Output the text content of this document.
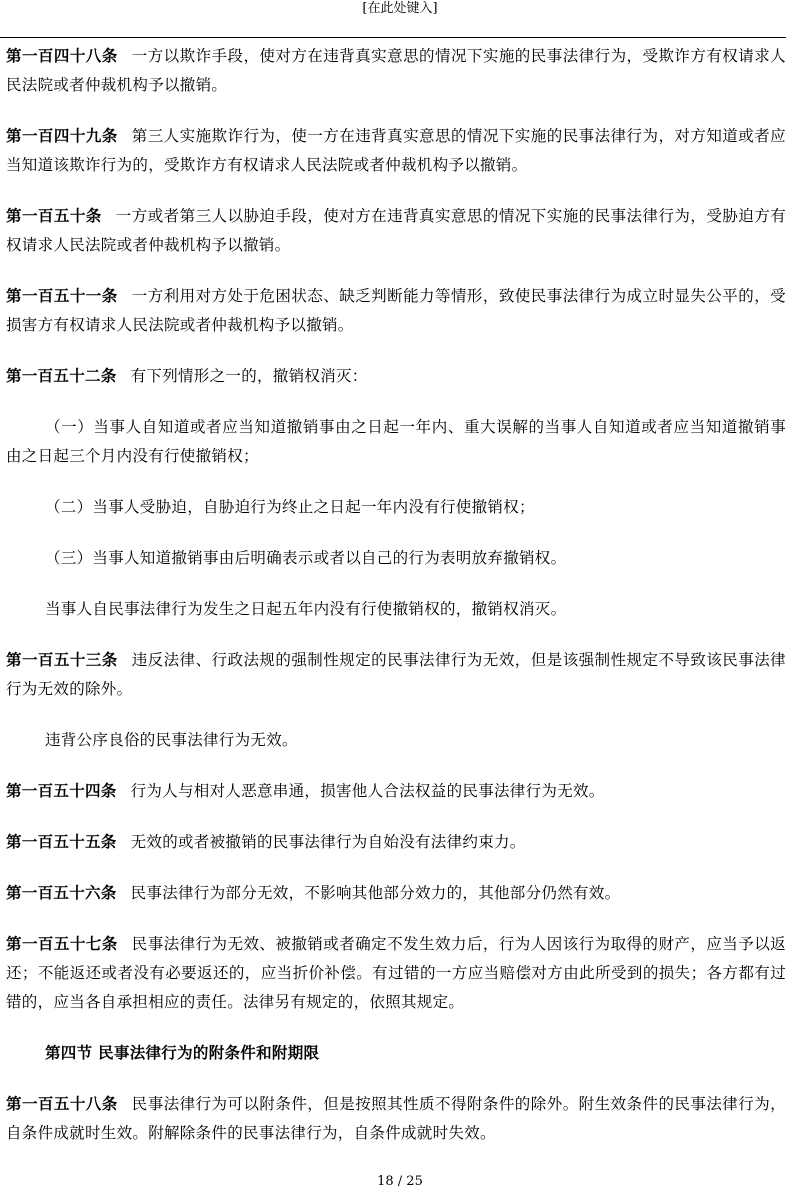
[在此处键入]

第一百四十八条 一方以欺诈手段，使对方在违背真实意思的情况下实施的民事法律行为，受欺诈方有权请求人民法院或者仲裁机构予以撤销。

第一百四十九条 第三人实施欺诈行为，使一方在违背真实意思的情况下实施的民事法律行为，对方知道或者应当知道该欺诈行为的，受欺诈方有权请求人民法院或者仲裁机构予以撤销。

第一百五十条 一方或者第三人以胁迫手段，使对方在违背真实意思的情况下实施的民事法律行为，受胁迫方有权请求人民法院或者仲裁机构予以撤销。

第一百五十一条 一方利用对方处于危困状态、缺乏判断能力等情形，致使民事法律行为成立时显失公平的，受损害方有权请求人民法院或者仲裁机构予以撤销。

第一百五十二条 有下列情形之一的，撤销权消灭：

（一）当事人自知道或者应当知道撤销事由之日起一年内、重大误解的当事人自知道或者应当知道撤销事由之日起三个月内没有行使撤销权；

（二）当事人受胁迫，自胁迫行为终止之日起一年内没有行使撤销权；

（三）当事人知道撤销事由后明确表示或者以自己的行为表明放弃撤销权。

当事人自民事法律行为发生之日起五年内没有行使撤销权的，撤销权消灭。

第一百五十三条 违反法律、行政法规的强制性规定的民事法律行为无效，但是该强制性规定不导致该民事法律行为无效的除外。

违背公序良俗的民事法律行为无效。

第一百五十四条 行为人与相对人恶意串通，损害他人合法权益的民事法律行为无效。

第一百五十五条 无效的或者被撤销的民事法律行为自始没有法律约束力。

第一百五十六条 民事法律行为部分无效，不影响其他部分效力的，其他部分仍然有效。

第一百五十七条 民事法律行为无效、被撤销或者确定不发生效力后，行为人因该行为取得的财产，应当予以返还；不能返还或者没有必要返还的，应当折价补偿。有过错的一方应当赔偿对方由此所受到的损失；各方都有过错的，应当各自承担相应的责任。法律另有规定的，依照其规定。

第四节 民事法律行为的附条件和附期限

第一百五十八条 民事法律行为可以附条件，但是按照其性质不得附条件的除外。附生效条件的民事法律行为，自条件成就时生效。附解除条件的民事法律行为，自条件成就时失效。

18 / 25
